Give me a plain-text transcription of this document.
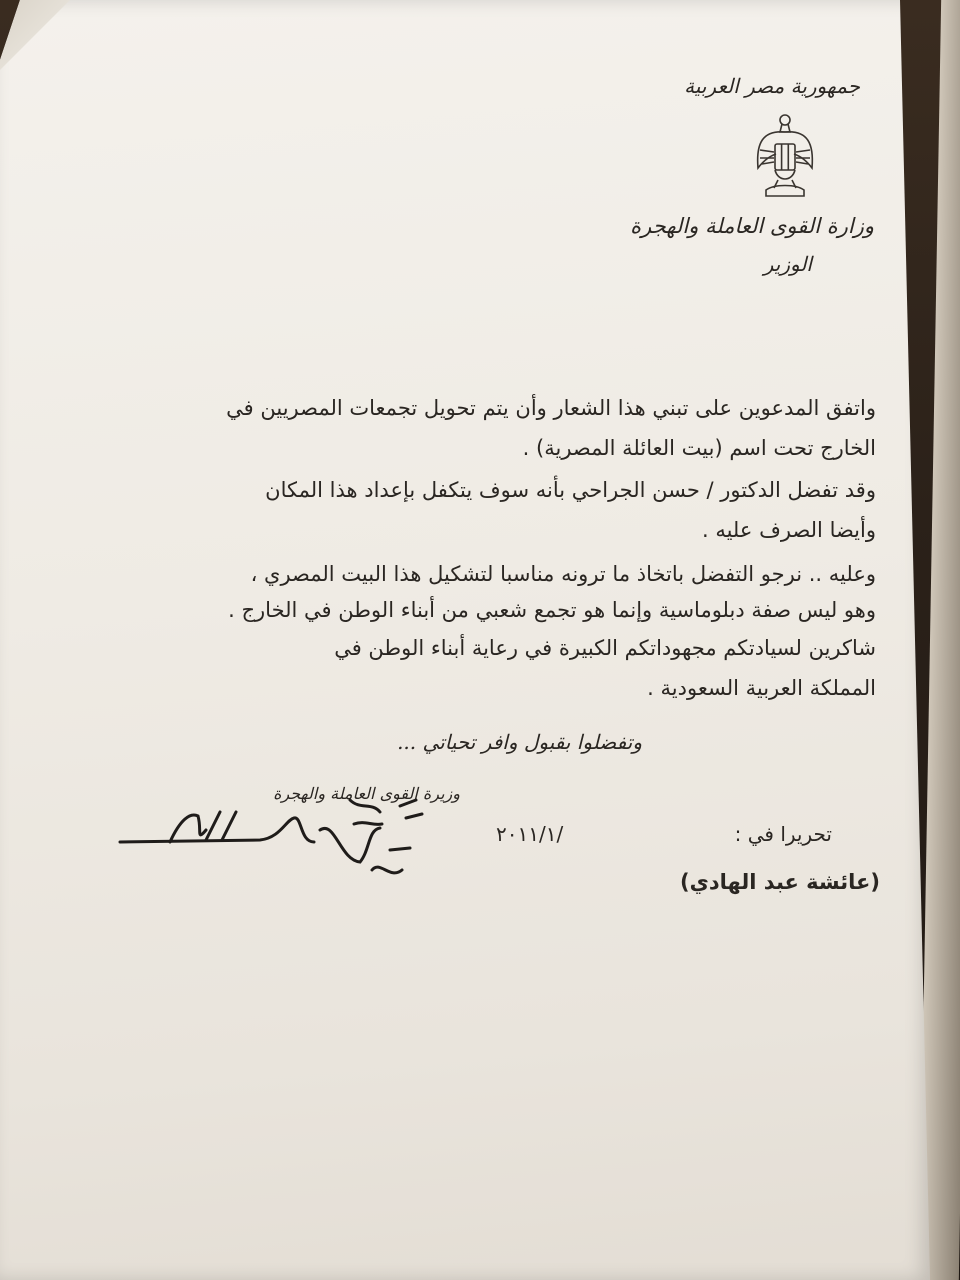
جمهورية مصر العربية
وزارة القوى العاملة والهجرة
الوزير
واتفق المدعوين على تبني هذا الشعار وأن يتم تحويل تجمعات المصريين في
الخارج تحت اسم (بيت العائلة المصرية) .
وقد تفضل الدكتور / حسن الجراحي بأنه سوف يتكفل بإعداد هذا المكان
وأيضا الصرف عليه .
وعليه .. نرجو التفضل باتخاذ ما ترونه مناسبا لتشكيل هذا البيت المصري ،
وهو ليس صفة دبلوماسية وإنما هو تجمع شعبي من أبناء الوطن في الخارج .
شاكرين لسيادتكم مجهوداتكم الكبيرة في رعاية أبناء الوطن في
المملكة العربية السعودية .
وتفضلوا بقبول وافر تحياتي ...
وزيرة القوى العاملة والهجرة
(عائشة عبد الهادي)
تحريرا في :
٢٠١١/١/
